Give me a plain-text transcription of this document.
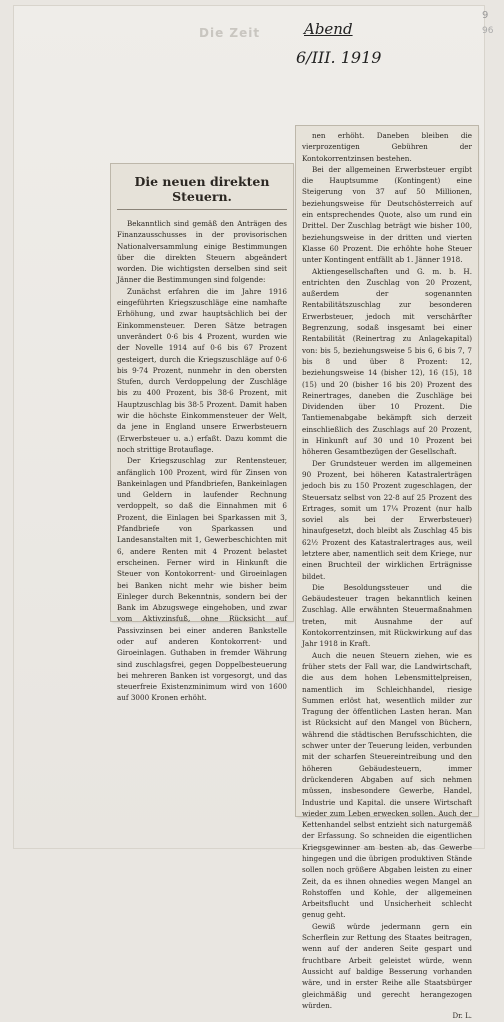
Die Zeit	Abend
6/III. 1919
9
96
Die neuen direkten Steuern.

Bekanntlich sind gemäß den Anträgen des Finanzausschusses in der provisorischen Nationalversammlung einige Bestimmungen über die direkten Steuern abgeändert worden. Die wichtigsten derselben sind seit Jänner die Bestimmungen sind folgende:

Zunächst erfahren die im Jahre 1916 eingeführten Kriegszuschläge eine namhafte Erhöhung, und zwar hauptsächlich bei der Einkommensteuer. Deren Sätze betragen unverändert 0·6 bis 4 Prozent, wurden wie der Novelle 1914 auf 0·6 bis 67 Prozent gesteigert, durch die Kriegszuschläge auf 0·6 bis 9·74 Prozent, nunmehr in den obersten Stufen, durch Verdoppelung der Zuschläge bis zu 400 Prozent, bis 38·6 Prozent, mit Hauptzuschlag bis 38·5 Prozent. Damit haben wir die höchste Einkommensteuer der Welt, da jene in England unsere Erwerbsteuern (Erwerbsteuer u. a.) erfaßt. Dazu kommt die noch strittige Brotauflage.

Der Kriegszuschlag zur Rentensteuer, anfänglich 100 Prozent, wird für Zinsen von Bankeinlagen und Pfandbriefen, Bankeinlagen und Geldern in laufender Rechnung verdoppelt, so daß die Einnahmen mit 6 Prozent, die Einlagen bei Sparkassen mit 3, Pfandbriefe von Sparkassen und Landesanstalten mit 1, Gewerbeschichten mit 6, andere Renten mit 4 Prozent belastet erscheinen. Ferner wird in Hinkunft die Steuer von Kontokorrent- und Giroeinlagen bei Banken nicht mehr wie bisher beim Einleger durch Bekenntnis, sondern bei der Bank im Abzugswege eingehoben, und zwar vom Aktivzinsfuß, ohne Rücksicht auf Passivzinsen bei einer anderen Bankstelle oder auf anderen Kontokorrent- und Giroeinlagen. Guthaben in fremder Währung sind zuschlagsfrei, gegen Doppelbesteuerung bei mehreren Banken ist vorgesorgt, und das steuerfreie Existenzminimum wird von 1600 auf 3000 Kronen erhöht.

nen erhöht. Daneben bleiben die vierprozentigen Gebühren der Kontokorrentzinsen bestehen.

Bei der allgemeinen Erwerbsteuer ergibt die Hauptsumme (Kontingent) eine Steigerung von 37 auf 50 Millionen, beziehungsweise für Deutschösterreich auf ein entsprechendes Quote, also um rund ein Drittel. Der Zuschlag beträgt wie bisher 100, beziehungsweise in der dritten und vierten Klasse 60 Prozent. Die erhöhte hohe Steuer unter Kontingent entfällt ab 1. Jänner 1918.

Aktiengesellschaften und G. m. b. H. entrichten den Zuschlag von 20 Prozent, außerdem der sogenannten Rentabilitätszuschlag zur besonderen Erwerbsteuer, jedoch mit verschärfter Begrenzung, sodaß insgesamt bei einer Rentabilität (Reinertrag zu Anlagekapital) von: bis 5, beziehungsweise 5 bis 6, 6 bis 7, 7 bis 8 und über 8 Prozent: 12, beziehungsweise 14 (bisher 12), 16 (15), 18 (15) und 20 (bisher 16 bis 20) Prozent des Reinertrages, daneben die Zuschläge bei Dividenden über 10 Prozent. Die Tantiemenabgabe bekämpft sich derzeit einschließlich des Zuschlags auf 20 Prozent, in Hinkunft auf 30 und 10 Prozent bei höheren Gesamtbezügen der Gesellschaft.

Der Grundsteuer werden im allgemeinen 90 Prozent, bei höheren Katastralerträgen jedoch bis zu 150 Prozent zugeschlagen, der Steuersatz selbst von 22·8 auf 25 Prozent des Ertrages, somit um 17¼ Prozent (nur halb soviel als bei der Erwerbsteuer) hinaufgesetzt, doch bleibt als Zuschlag 45 bis 62½ Prozent des Katastralertrages aus, weil letztere aber, namentlich seit dem Kriege, nur einen Bruchteil der wirklichen Erträgnisse bildet.

Die Besoldungssteuer und die Gebäudesteuer tragen bekanntlich keinen Zuschlag. Alle erwähnten Steuermaßnahmen treten, mit Ausnahme der auf Kontokorrentzinsen, mit Rückwirkung auf das Jahr 1918 in Kraft.

Auch die neuen Steuern ziehen, wie es früher stets der Fall war, die Landwirtschaft, die aus dem hohen Lebensmittelpreisen, namentlich im Schleichhandel, riesige Summen erlöst hat, wesentlich milder zur Tragung der öffentlichen Lasten heran. Man ist Rücksicht auf den Mangel von Büchern, während die städtischen Berufsschichten, die schwer unter der Teuerung leiden, verbunden mit der scharfen Steuereintreibung und den höheren Gebäudesteuern, immer drückenderen Abgaben auf sich nehmen müssen, insbesondere Gewerbe, Handel, Industrie und Kapital. die unsere Wirtschaft wieder zum Leben erwecken sollen. Auch der Kettenhandel selbst entzieht sich naturgemäß der Erfassung. So schneiden die eigentlichen Kriegsgewinner am besten ab, das Gewerbe hingegen und die übrigen produktiven Stände sollen noch größere Abgaben leisten zu einer Zeit, da es ihnen ohnedies wegen Mangel an Rohstoffen und Kohle, der allgemeinen Arbeitsflucht und Unsicherheit schlecht genug geht.

Gewiß würde jedermann gern ein Scherflein zur Rettung des Staates beitragen, wenn auf der anderen Seite gespart und fruchtbare Arbeit geleistet würde, wenn Aussicht auf baldige Besserung vorhanden wäre, und in erster Reihe alle Staatsbürger gleichmäßig und gerecht herangezogen würden.

Dr. L.
